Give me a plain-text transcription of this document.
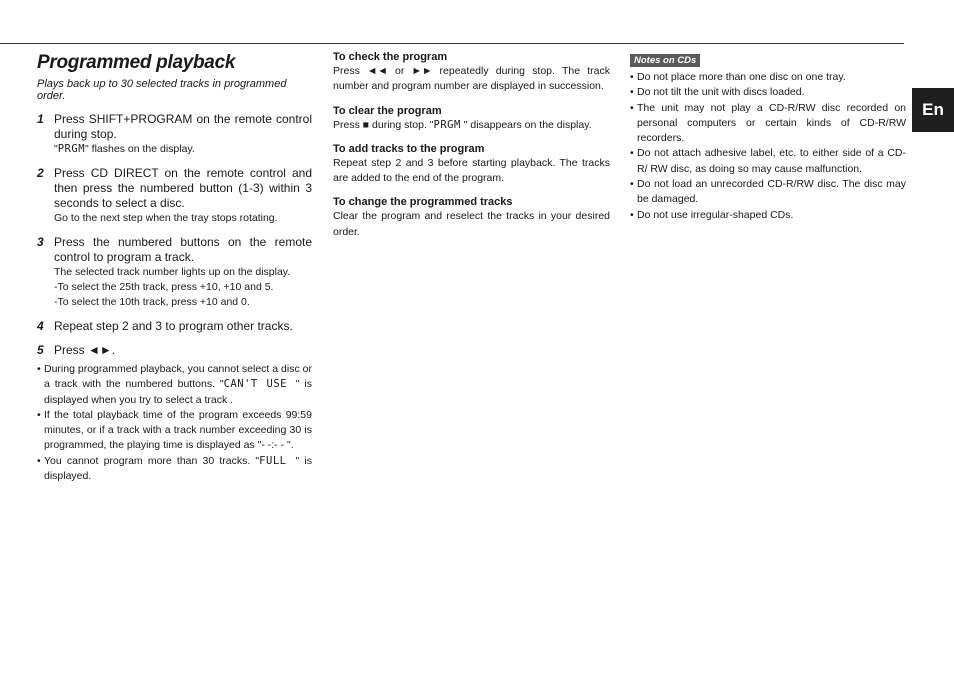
En
Programmed playback
Plays back up to 30 selected tracks in programmed order.
1 Press SHIFT+PROGRAM on the remote control during stop.
"PRGM" flashes on the display.
2 Press CD DIRECT on the remote control and then press the numbered button (1-3) within 3 seconds to select a disc.
Go to the next step when the tray stops rotating.
3 Press the numbered buttons on the remote control to program a track.
The selected track number lights up on the display.
-To select the 25th track, press +10, +10 and 5.
-To select the 10th track, press +10 and 0.
4 Repeat step 2 and 3 to program other tracks.
5 Press ◄►.
• During programmed playback, you cannot select a disc or a track with the numbered buttons. "CAN'T USE " is displayed when you try to select a track .
• If the total playback time of the program exceeds 99:59 minutes, or if a track with a track number exceeding 30 is programmed, the playing time is displayed as "- -:- - ".
• You cannot program more than 30 tracks. "FULL " is displayed.

To check the program

Press ◄◄ or ►► repeatedly during stop. The track number and program number are displayed in succession.

To clear the program

Press ■ during stop. "PRGM " disappears on the display.

To add tracks to the program

Repeat step 2 and 3 before starting playback. The tracks are added to the end of the program.

To change the programmed tracks

Clear the program and reselect the tracks in your desired order.

Notes on CDs
• Do not place more than one disc on one tray.
• Do not tilt the unit with discs loaded.
• The unit may not play a CD-R/RW disc recorded on personal computers or certain kinds of CD-R/RW recorders.
• Do not attach adhesive label, etc. to either side of a CD-R/ RW disc, as doing so may cause malfunction.
• Do not load an unrecorded CD-R/RW disc. The disc may be damaged.
• Do not use irregular-shaped CDs.
